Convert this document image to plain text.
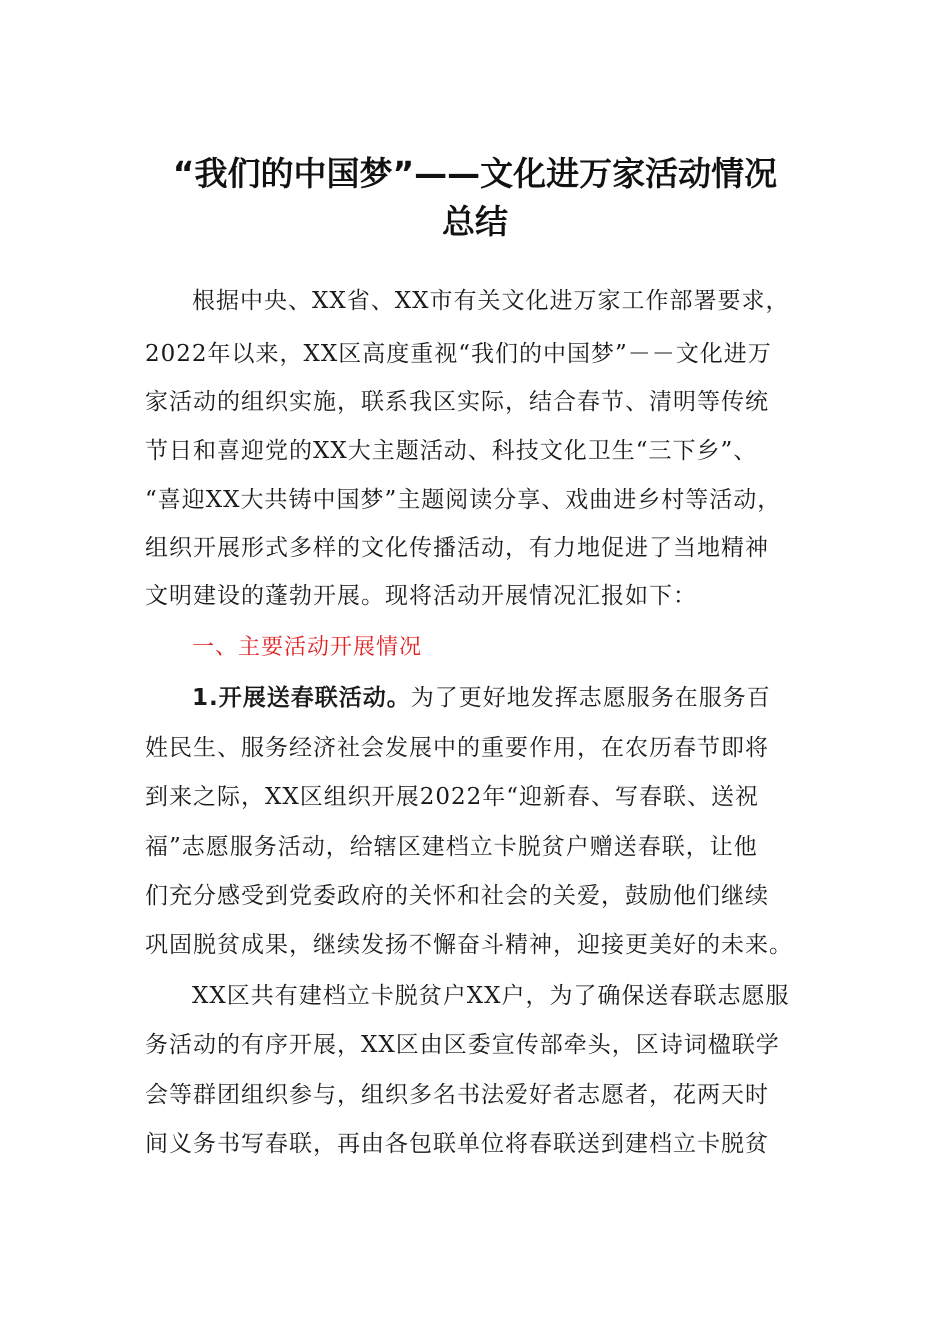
“我们的中国梦”——文化进万家活动情况
总结
根据中央、XX省、XX市有关文化进万家工作部署要求，
2022年以来，XX区高度重视“我们的中国梦”－－文化进万
家活动的组织实施，联系我区实际，结合春节、清明等传统
节日和喜迎党的XX大主题活动、科技文化卫生“三下乡”、
“喜迎XX大共铸中国梦”主题阅读分享、戏曲进乡村等活动，
组织开展形式多样的文化传播活动，有力地促进了当地精神
文明建设的蓬勃开展。现将活动开展情况汇报如下：
一、主要活动开展情况
1.开展送春联活动。为了更好地发挥志愿服务在服务百
姓民生、服务经济社会发展中的重要作用，在农历春节即将
到来之际，XX区组织开展2022年“迎新春、写春联、送祝
福”志愿服务活动，给辖区建档立卡脱贫户赠送春联，让他
们充分感受到党委政府的关怀和社会的关爱，鼓励他们继续
巩固脱贫成果，继续发扬不懈奋斗精神，迎接更美好的未来。
XX区共有建档立卡脱贫户XX户，为了确保送春联志愿服
务活动的有序开展，XX区由区委宣传部牵头，区诗词楹联学
会等群团组织参与，组织多名书法爱好者志愿者，花两天时
间义务书写春联，再由各包联单位将春联送到建档立卡脱贫
